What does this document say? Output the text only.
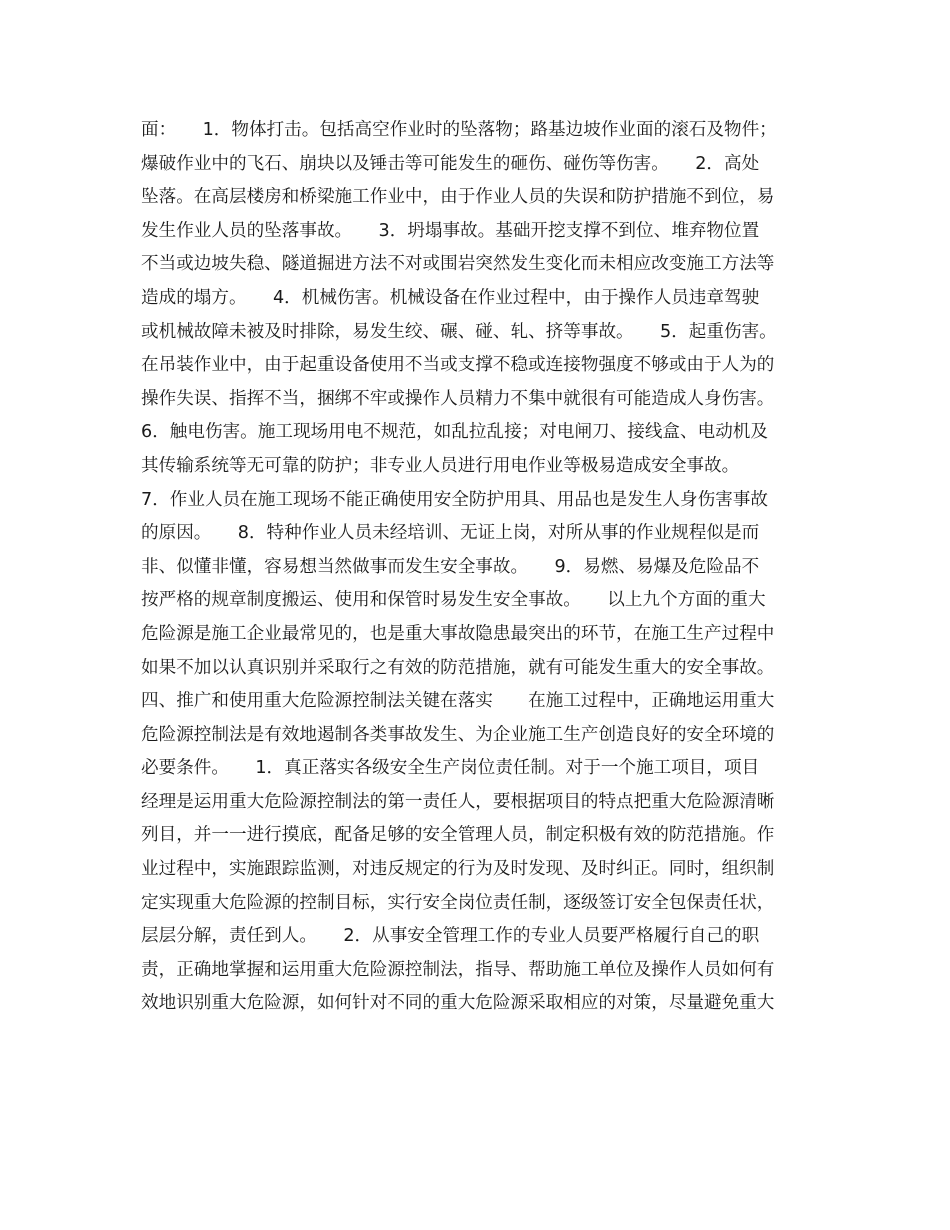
面：　　1．物体打击。包括高空作业时的坠落物；路基边坡作业面的滚石及物件；
爆破作业中的飞石、崩块以及锤击等可能发生的砸伤、碰伤等伤害。　　2．高处
坠落。在高层楼房和桥梁施工作业中，由于作业人员的失误和防护措施不到位，易
发生作业人员的坠落事故。　　3．坍塌事故。基础开挖支撑不到位、堆弃物位置
不当或边坡失稳、隧道掘进方法不对或围岩突然发生变化而未相应改变施工方法等
造成的塌方。　　4．机械伤害。机械设备在作业过程中，由于操作人员违章驾驶
或机械故障未被及时排除，易发生绞、碾、碰、轧、挤等事故。　　5．起重伤害。
在吊装作业中，由于起重设备使用不当或支撑不稳或连接物强度不够或由于人为的
操作失误、指挥不当，捆绑不牢或操作人员精力不集中就很有可能造成人身伤害。
6．触电伤害。施工现场用电不规范，如乱拉乱接；对电闸刀、接线盒、电动机及
其传输系统等无可靠的防护；非专业人员进行用电作业等极易造成安全事故。
7．作业人员在施工现场不能正确使用安全防护用具、用品也是发生人身伤害事故
的原因。　　8．特种作业人员未经培训、无证上岗，对所从事的作业规程似是而
非、似懂非懂，容易想当然做事而发生安全事故。　　9．易燃、易爆及危险品不
按严格的规章制度搬运、使用和保管时易发生安全事故。　　以上九个方面的重大
危险源是施工企业最常见的，也是重大事故隐患最突出的环节，在施工生产过程中
如果不加以认真识别并采取行之有效的防范措施，就有可能发生重大的安全事故。
四、推广和使用重大危险源控制法关键在落实　　在施工过程中，正确地运用重大
危险源控制法是有效地遏制各类事故发生、为企业施工生产创造良好的安全环境的
必要条件。　　1．真正落实各级安全生产岗位责任制。对于一个施工项目，项目
经理是运用重大危险源控制法的第一责任人，要根据项目的特点把重大危险源清晰
列目，并一一进行摸底，配备足够的安全管理人员，制定积极有效的防范措施。作
业过程中，实施跟踪监测，对违反规定的行为及时发现、及时纠正。同时，组织制
定实现重大危险源的控制目标，实行安全岗位责任制，逐级签订安全包保责任状，
层层分解，责任到人。　　2．从事安全管理工作的专业人员要严格履行自己的职
责，正确地掌握和运用重大危险源控制法，指导、帮助施工单位及操作人员如何有
效地识别重大危险源，如何针对不同的重大危险源采取相应的对策，尽量避免重大
